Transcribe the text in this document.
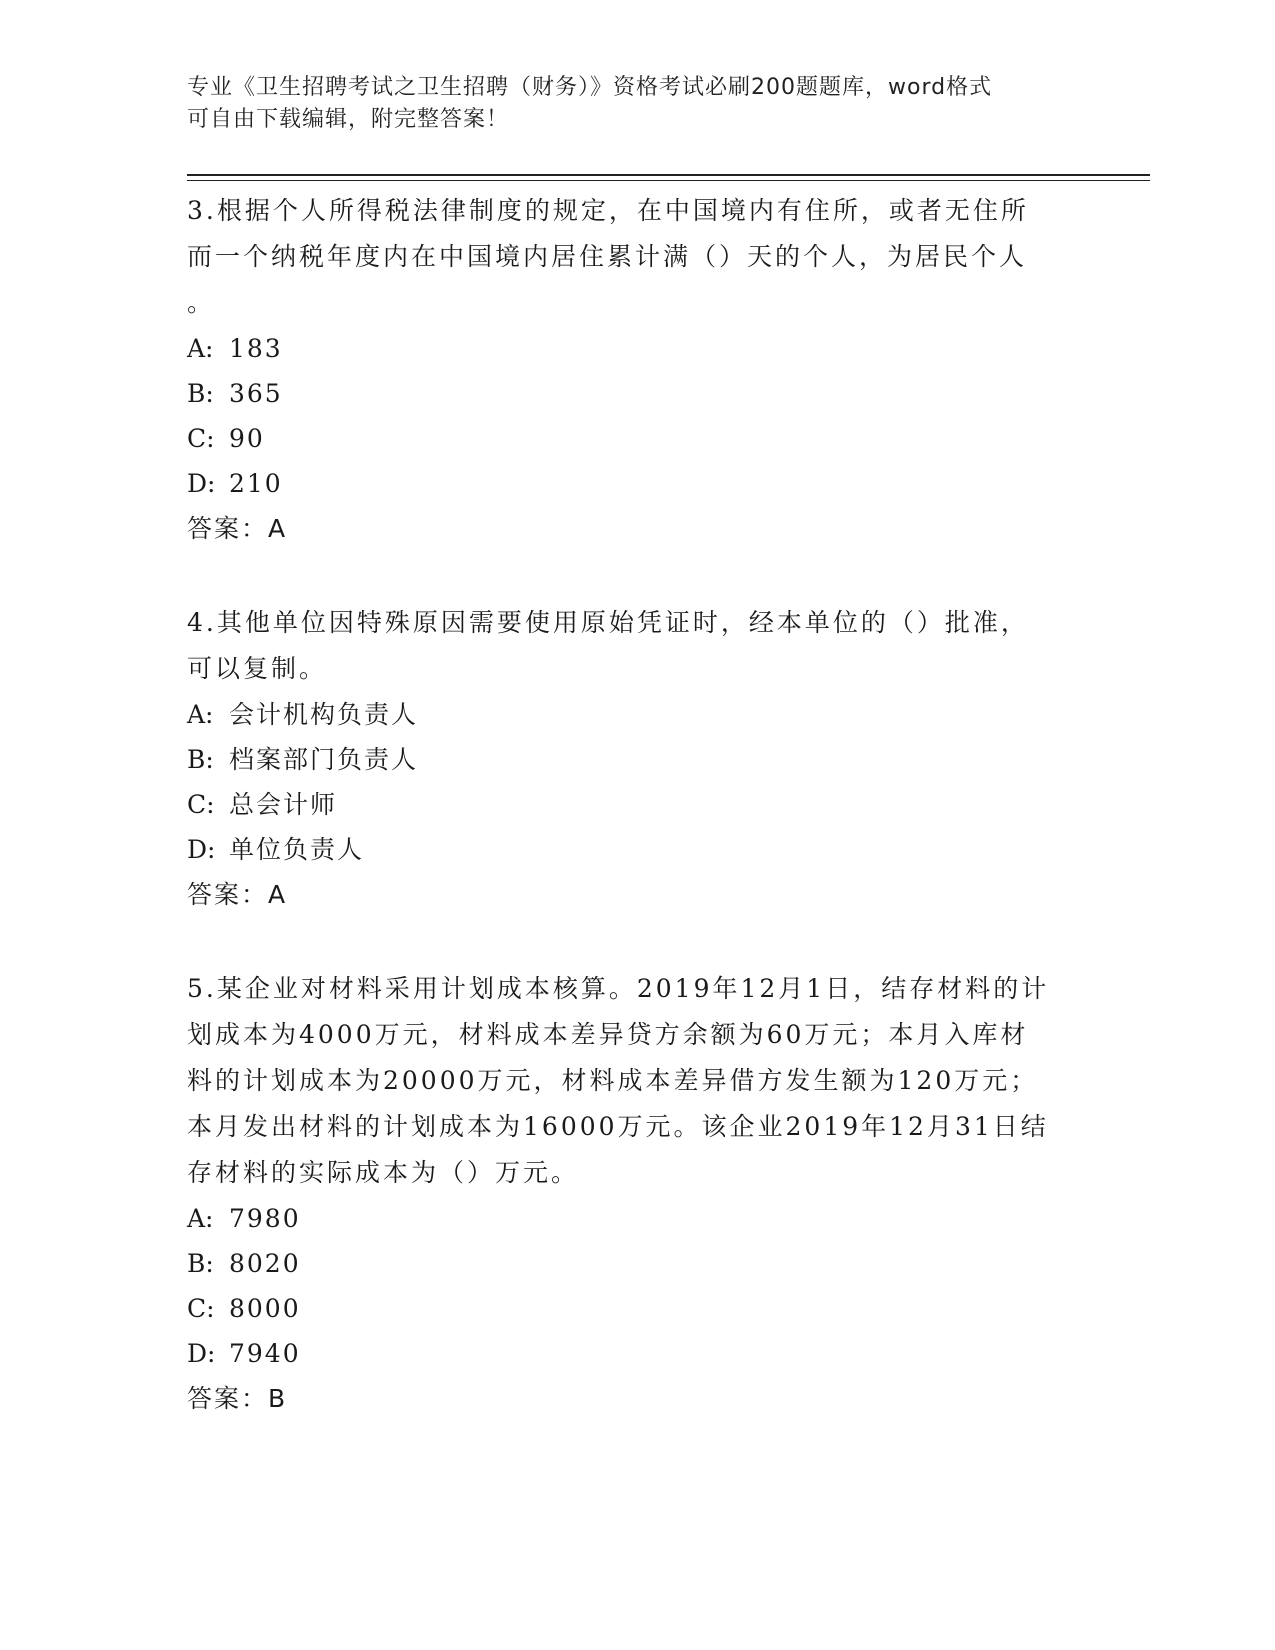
专业《卫生招聘考试之卫生招聘（财务）》资格考试必刷200题题库，word格式
可自由下载编辑，附完整答案！

3.根据个人所得税法律制度的规定，在中国境内有住所，或者无住所

而一个纳税年度内在中国境内居住累计满（）天的个人，为居民个人

。

A: 183

B: 365

C: 90

D: 210

答案：A

4.其他单位因特殊原因需要使用原始凭证时，经本单位的（）批准，

可以复制。

A: 会计机构负责人

B: 档案部门负责人

C: 总会计师

D: 单位负责人

答案：A

5.某企业对材料采用计划成本核算。2019年12月1日，结存材料的计

划成本为4000万元，材料成本差异贷方余额为60万元；本月入库材

料的计划成本为20000万元，材料成本差异借方发生额为120万元；

本月发出材料的计划成本为16000万元。该企业2019年12月31日结

存材料的实际成本为（）万元。

A: 7980

B: 8020

C: 8000

D: 7940

答案：B
